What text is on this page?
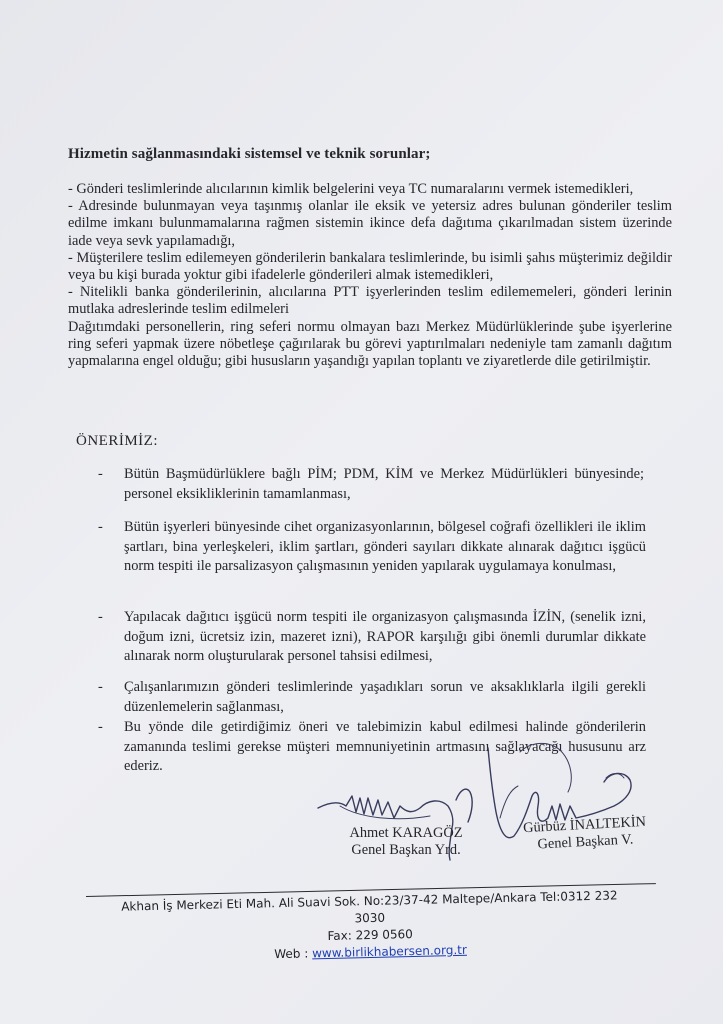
Hizmetin sağlanmasındaki sistemsel ve teknik sorunlar;

- Gönderi teslimlerinde alıcılarının kimlik belgelerini veya TC numaralarını vermek istemedikleri,

- Adresinde bulunmayan veya taşınmış olanlar ile eksik ve yetersiz adres bulunan gönderiler teslim edilme imkanı bulunmamalarına rağmen sistemin ikince defa dağıtıma çıkarılmadan sistem üzerinde iade veya sevk yapılamadığı,

- Müşterilere teslim edilemeyen gönderilerin bankalara teslimlerinde, bu isimli şahıs müşterimiz değildir veya bu kişi burada yoktur gibi ifadelerle gönderileri almak istemedikleri,

- Nitelikli banka gönderilerinin, alıcılarına PTT işyerlerinden teslim edilememeleri, gönderi lerinin mutlaka adreslerinde teslim edilmeleri

Dağıtımdaki personellerin, ring seferi normu olmayan bazı Merkez Müdürlüklerinde şube işyerlerine ring seferi yapmak üzere nöbetleşe çağırılarak bu görevi yaptırılmaları nedeniyle tam zamanlı dağıtım yapmalarına engel olduğu; gibi hususların yaşandığı yapılan toplantı ve ziyaretlerde dile getirilmiştir.

ÖNERİMİZ:
- Bütün Başmüdürlüklere bağlı PİM; PDM, KİM ve Merkez Müdürlükleri bünyesinde; personel eksikliklerinin tamamlanması,
- Bütün işyerleri bünyesinde cihet organizasyonlarının, bölgesel coğrafi özellikleri ile iklim şartları, bina yerleşkeleri, iklim şartları, gönderi sayıları dikkate alınarak dağıtıcı işgücü norm tespiti ile parsalizasyon çalışmasının yeniden yapılarak uygulamaya konulması,
- Yapılacak dağıtıcı işgücü norm tespiti ile organizasyon çalışmasında İZİN, (senelik izni, doğum izni, ücretsiz izin, mazeret izni), RAPOR karşılığı gibi önemli durumlar dikkate alınarak norm oluşturularak personel tahsisi edilmesi,
- Çalışanlarımızın gönderi teslimlerinde yaşadıkları sorun ve aksaklıklarla ilgili gerekli düzenlemelerin sağlanması,
- Bu yönde dile getirdiğimiz öneri ve talebimizin kabul edilmesi halinde gönderilerin zamanında teslimi gerekse müşteri memnuniyetinin artmasını sağlayacağı hususunu arz ederiz.
Ahmet KARAGÖZ
Genel Başkan Yrd.
Gürbüz İNALTEKİN
Genel Başkan V.
Akhan İş Merkezi Eti Mah. Ali Suavi Sok. No:23/37-42 Maltepe/Ankara Tel:0312 232 3030
Fax: 229 0560
Web : www.birlikhabersen.org.tr
